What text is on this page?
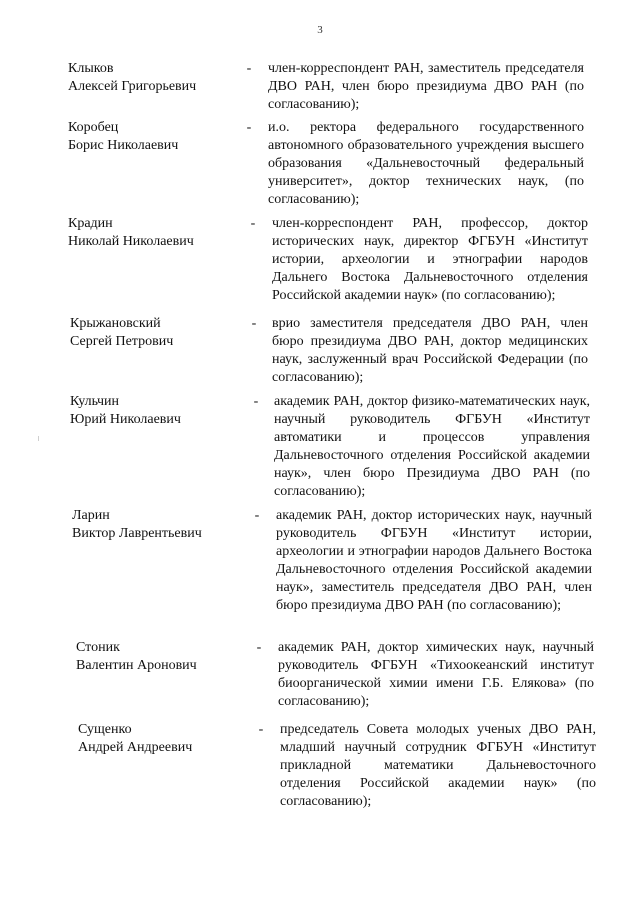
3
Клыков
Алексей Григорьевич
- член-корреспондент РАН, заместитель председателя ДВО РАН, член бюро президиума ДВО РАН (по согласованию);

Коробец
Борис Николаевич
- и.о. ректора федерального государственного автономного образовательного учреждения высшего образования «Дальневосточный федеральный университет», доктор технических наук, (по согласованию);

Крадин
Николай Николаевич
- член-корреспондент РАН, профессор, доктор исторических наук, директор ФГБУН «Институт истории, археологии и этнографии народов Дальнего Востока Дальневосточного отделения Российской академии наук» (по согласованию);

Крыжановский
Сергей Петрович
- врио заместителя председателя ДВО РАН, член бюро президиума ДВО РАН, доктор медицинских наук, заслуженный врач Российской Федерации (по согласованию);

Кульчин
Юрий Николаевич
- академик РАН, доктор физико-математических наук, научный руководитель ФГБУН «Институт автоматики и процессов управления Дальневосточного отделения Российской академии наук», член бюро Президиума ДВО РАН (по согласованию);

Ларин
Виктор Лаврентьевич
- академик РАН, доктор исторических наук, научный руководитель ФГБУН «Институт истории, археологии и этнографии народов Дальнего Востока Дальневосточного отделения Российской академии наук», заместитель председателя ДВО РАН, член бюро президиума ДВО РАН (по согласованию);

Стоник
Валентин Аронович
- академик РАН, доктор химических наук, научный руководитель ФГБУН «Тихоокеанский институт биоорганической химии имени Г.Б. Елякова» (по согласованию);

Сущенко
Андрей Андреевич
- председатель Совета молодых ученых ДВО РАН, младший научный сотрудник ФГБУН «Институт прикладной математики Дальневосточного отделения Российской академии наук» (по согласованию);
